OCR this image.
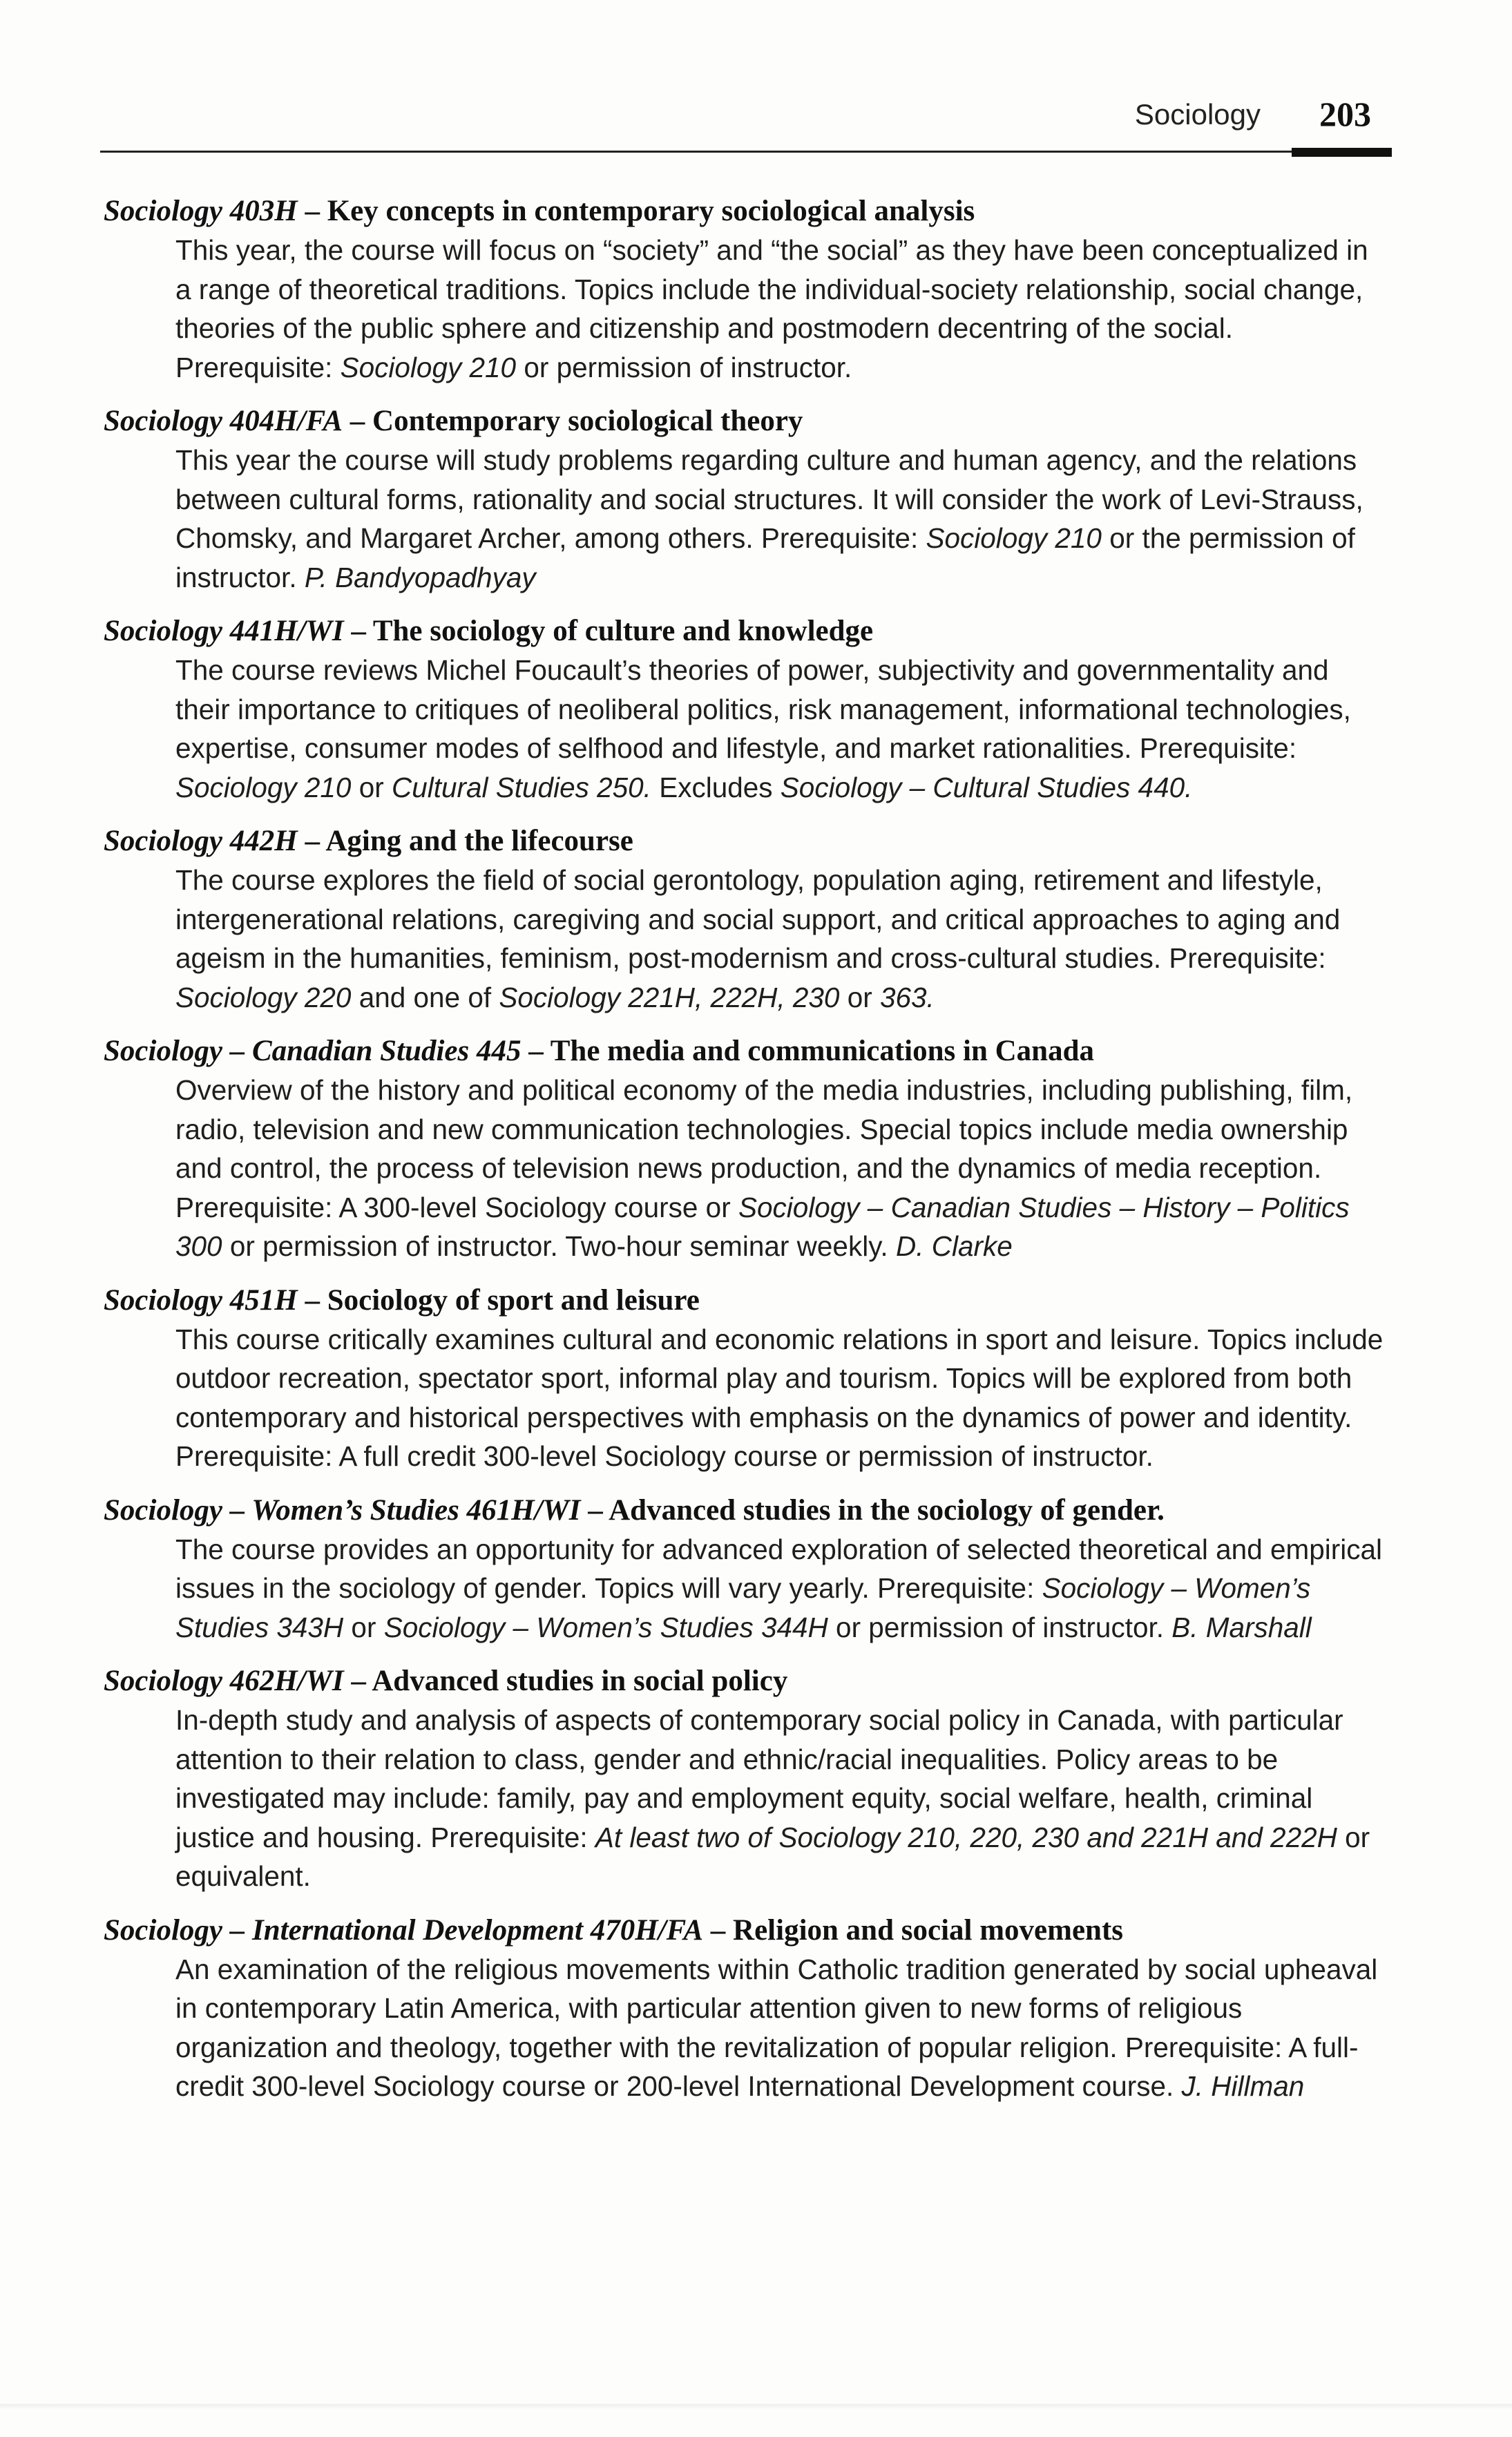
Sociology 203
Sociology 403H – Key concepts in contemporary sociological analysis
This year, the course will focus on “society” and “the social” as they have been conceptualized in a range of theoretical traditions. Topics include the individual-society relationship, social change, theories of the public sphere and citizenship and postmodern decentring of the social. Prerequisite: Sociology 210 or permission of instructor.
Sociology 404H/FA – Contemporary sociological theory
This year the course will study problems regarding culture and human agency, and the relations between cultural forms, rationality and social structures. It will consider the work of Levi-Strauss, Chomsky, and Margaret Archer, among others. Prerequisite: Sociology 210 or the permission of instructor. P. Bandyopadhyay
Sociology 441H/WI – The sociology of culture and knowledge
The course reviews Michel Foucault’s theories of power, subjectivity and governmentality and their importance to critiques of neoliberal politics, risk management, informational technologies, expertise, consumer modes of selfhood and lifestyle, and market rationalities. Prerequisite: Sociology 210 or Cultural Studies 250. Excludes Sociology – Cultural Studies 440.
Sociology 442H – Aging and the lifecourse
The course explores the field of social gerontology, population aging, retirement and lifestyle, intergenerational relations, caregiving and social support, and critical approaches to aging and ageism in the humanities, feminism, post-modernism and cross-cultural studies. Prerequisite: Sociology 220 and one of Sociology 221H, 222H, 230 or 363.
Sociology – Canadian Studies 445 – The media and communications in Canada
Overview of the history and political economy of the media industries, including publishing, film, radio, television and new communication technologies. Special topics include media ownership and control, the process of television news production, and the dynamics of media reception. Prerequisite: A 300-level Sociology course or Sociology – Canadian Studies – History – Politics 300 or permission of instructor. Two-hour seminar weekly. D. Clarke
Sociology 451H – Sociology of sport and leisure
This course critically examines cultural and economic relations in sport and leisure. Topics include outdoor recreation, spectator sport, informal play and tourism. Topics will be explored from both contemporary and historical perspectives with emphasis on the dynamics of power and identity. Prerequisite: A full credit 300-level Sociology course or permission of instructor.
Sociology – Women’s Studies 461H/WI – Advanced studies in the sociology of gender.
The course provides an opportunity for advanced exploration of selected theoretical and empirical issues in the sociology of gender. Topics will vary yearly. Prerequisite: Sociology – Women’s Studies 343H or Sociology – Women’s Studies 344H or permission of instructor. B. Marshall
Sociology 462H/WI – Advanced studies in social policy
In-depth study and analysis of aspects of contemporary social policy in Canada, with particular attention to their relation to class, gender and ethnic/racial inequalities. Policy areas to be investigated may include: family, pay and employment equity, social welfare, health, criminal justice and housing. Prerequisite: At least two of Sociology 210, 220, 230 and 221H and 222H or equivalent.
Sociology – International Development 470H/FA – Religion and social movements
An examination of the religious movements within Catholic tradition generated by social upheaval in contemporary Latin America, with particular attention given to new forms of religious organization and theology, together with the revitalization of popular religion. Prerequisite: A full-credit 300-level Sociology course or 200-level International Development course. J. Hillman
